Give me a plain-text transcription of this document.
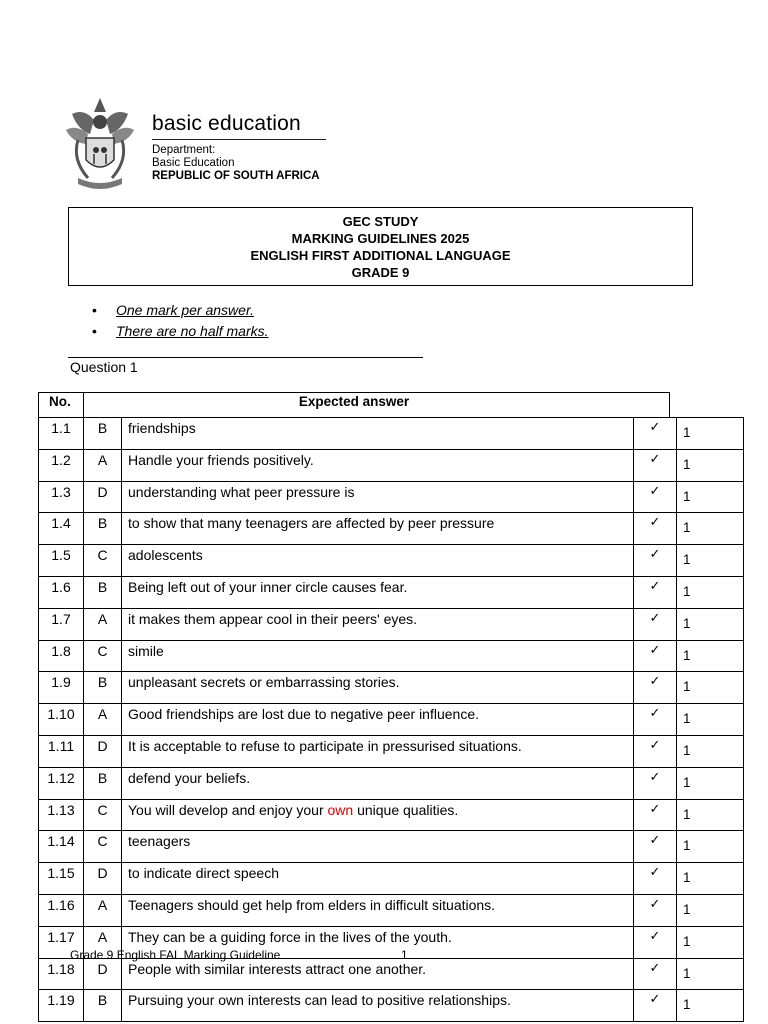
basic education
Department:
Basic Education
REPUBLIC OF SOUTH AFRICA
GEC STUDY
MARKING GUIDELINES 2025
ENGLISH FIRST ADDITIONAL LANGUAGE
GRADE 9
• One mark per answer.
• There are no half marks.
Question 1
No.	Expected answer
1.1	B	friendships	✓	1
1.2	A	Handle your friends positively.	✓	1
1.3	D	understanding what peer pressure is	✓	1
1.4	B	to show that many teenagers are affected by peer pressure	✓	1
1.5	C	adolescents	✓	1
1.6	B	Being left out of your inner circle causes fear.	✓	1
1.7	A	it makes them appear cool in their peers' eyes.	✓	1
1.8	C	simile	✓	1
1.9	B	unpleasant secrets or embarrassing stories.	✓	1
1.10	A	Good friendships are lost due to negative peer influence.	✓	1
1.11	D	It is acceptable to refuse to participate in pressurised situations.	✓	1
1.12	B	defend your beliefs.	✓	1
1.13	C	You will develop and enjoy your own unique qualities.	✓	1
1.14	C	teenagers	✓	1
1.15	D	to indicate direct speech	✓	1
1.16	A	Teenagers should get help from elders in difficult situations.	✓	1
1.17	A	They can be a guiding force in the lives of the youth.	✓	1
1.18	D	People with similar interests attract one another.	✓	1
1.19	B	Pursuing your own interests can lead to positive relationships.	✓	1
Grade 9 English FAL Marking Guideline	1
